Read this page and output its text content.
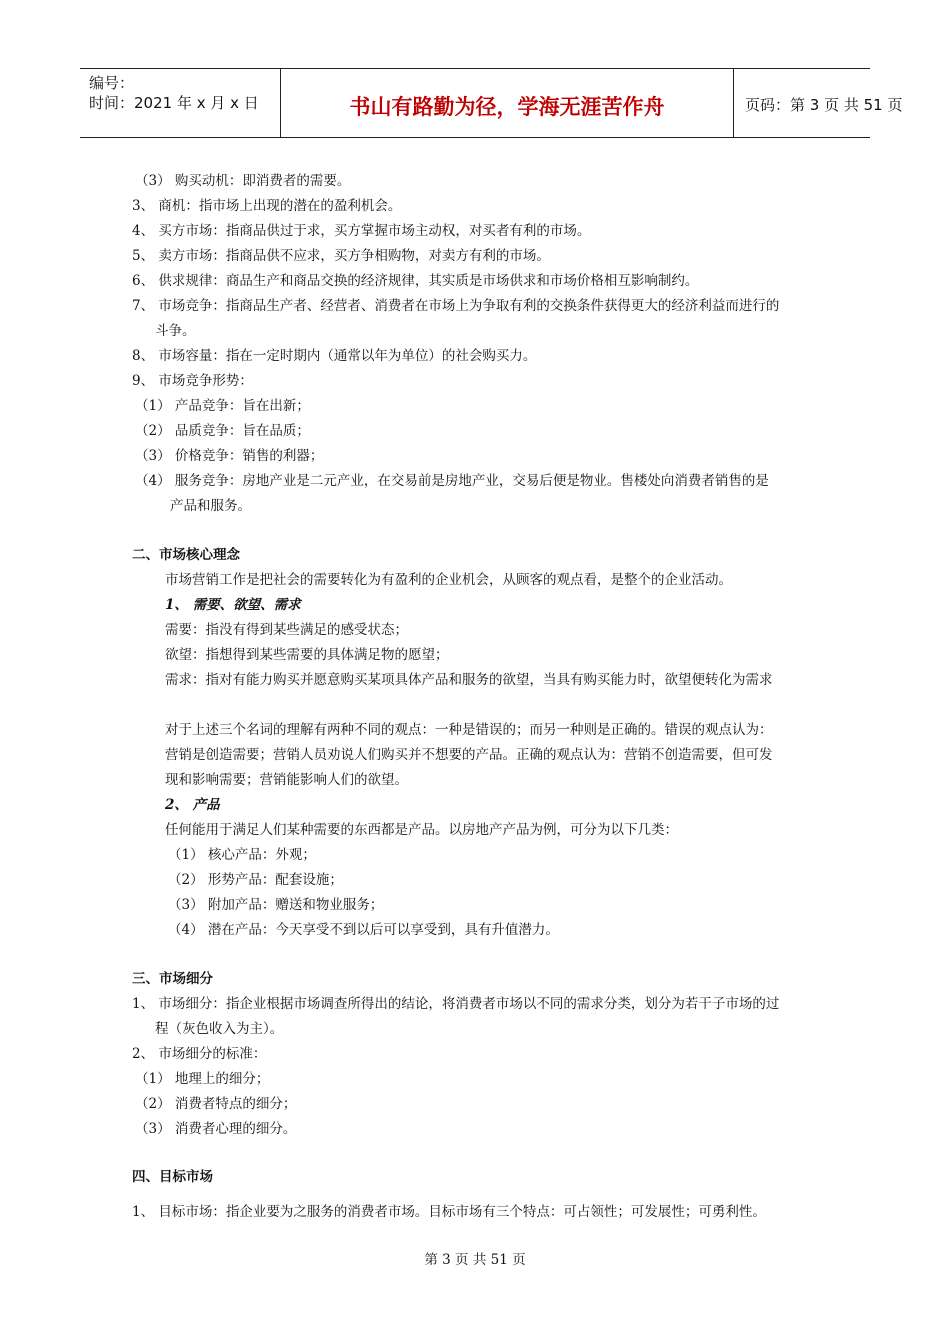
编号：
时间：2021 年 x 月 x 日	书山有路勤为径，学海无涯苦作舟	页码：第 3 页 共 51 页
（3） 购买动机：即消费者的需要。
3、 商机：指市场上出现的潜在的盈利机会。
4、 买方市场：指商品供过于求，买方掌握市场主动权，对买者有利的市场。
5、 卖方市场：指商品供不应求，买方争相购物，对卖方有利的市场。
6、 供求规律：商品生产和商品交换的经济规律，其实质是市场供求和市场价格相互影响制约。
7、 市场竞争：指商品生产者、经营者、消费者在市场上为争取有利的交换条件获得更大的经济利益而进行的
斗争。
8、 市场容量：指在一定时期内（通常以年为单位）的社会购买力。
9、 市场竞争形势：
（1） 产品竞争：旨在出新；
（2） 品质竞争：旨在品质；
（3） 价格竞争：销售的利器；
（4） 服务竞争：房地产业是二元产业，在交易前是房地产业，交易后便是物业。售楼处向消费者销售的是
产品和服务。
二、市场核心理念
市场营销工作是把社会的需要转化为有盈利的企业机会，从顾客的观点看，是整个的企业活动。
1、 需要、欲望、需求
需要：指没有得到某些满足的感受状态；
欲望：指想得到某些需要的具体满足物的愿望；
需求：指对有能力购买并愿意购买某项具体产品和服务的欲望，当具有购买能力时，欲望便转化为需求
对于上述三个名词的理解有两种不同的观点：一种是错误的；而另一种则是正确的。错误的观点认为：
营销是创造需要；营销人员劝说人们购买并不想要的产品。正确的观点认为：营销不创造需要，但可发
现和影响需要；营销能影响人们的欲望。
2、 产品
任何能用于满足人们某种需要的东西都是产品。以房地产产品为例，可分为以下几类：
（1） 核心产品：外观；
（2） 形势产品：配套设施；
（3） 附加产品：赠送和物业服务；
（4） 潜在产品：今天享受不到以后可以享受到，具有升值潜力。
三、市场细分
1、 市场细分：指企业根据市场调查所得出的结论，将消费者市场以不同的需求分类，划分为若干子市场的过
程（灰色收入为主）。
2、 市场细分的标准：
（1） 地理上的细分；
（2） 消费者特点的细分；
（3） 消费者心理的细分。
四、目标市场
1、 目标市场：指企业要为之服务的消费者市场。目标市场有三个特点：可占领性；可发展性；可勇利性。
第 3 页 共 51 页
